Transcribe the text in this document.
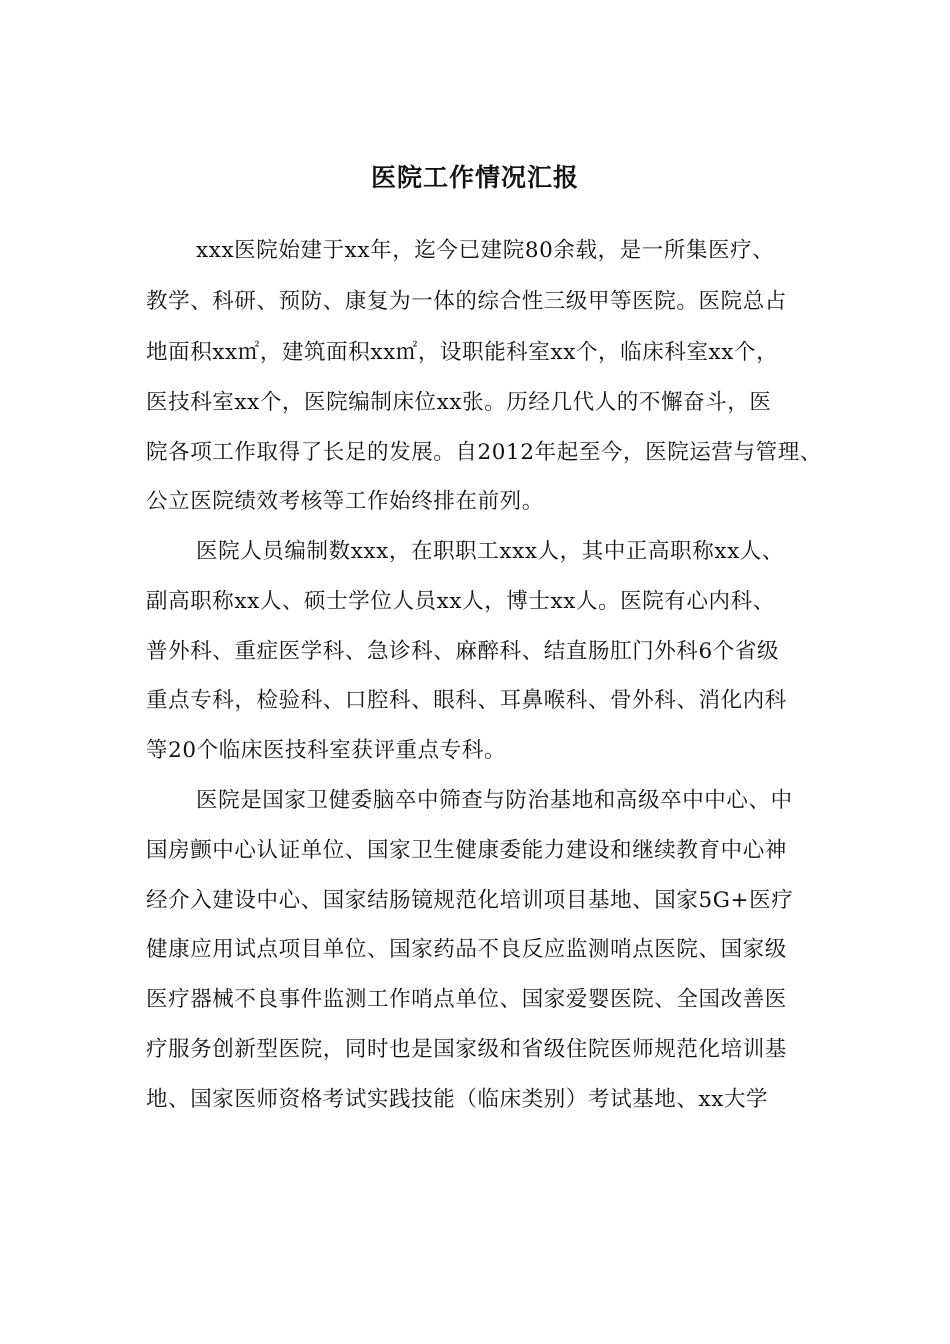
医院工作情况汇报
xxx医院始建于xx年，迄今已建院80余载，是一所集医疗、
教学、科研、预防、康复为一体的综合性三级甲等医院。医院总占
地面积xx㎡，建筑面积xx㎡，设职能科室xx个，临床科室xx个，
医技科室xx个，医院编制床位xx张。历经几代人的不懈奋斗，医
院各项工作取得了长足的发展。自2012年起至今，医院运营与管理、
公立医院绩效考核等工作始终排在前列。
医院人员编制数xxx，在职职工xxx人，其中正高职称xx人、
副高职称xx人、硕士学位人员xx人，博士xx人。医院有心内科、
普外科、重症医学科、急诊科、麻醉科、结直肠肛门外科6个省级
重点专科，检验科、口腔科、眼科、耳鼻喉科、骨外科、消化内科
等20个临床医技科室获评重点专科。
医院是国家卫健委脑卒中筛查与防治基地和高级卒中中心、中
国房颤中心认证单位、国家卫生健康委能力建设和继续教育中心神
经介入建设中心、国家结肠镜规范化培训项目基地、国家5G+医疗
健康应用试点项目单位、国家药品不良反应监测哨点医院、国家级
医疗器械不良事件监测工作哨点单位、国家爱婴医院、全国改善医
疗服务创新型医院，同时也是国家级和省级住院医师规范化培训基
地、国家医师资格考试实践技能（临床类别）考试基地、xx大学
